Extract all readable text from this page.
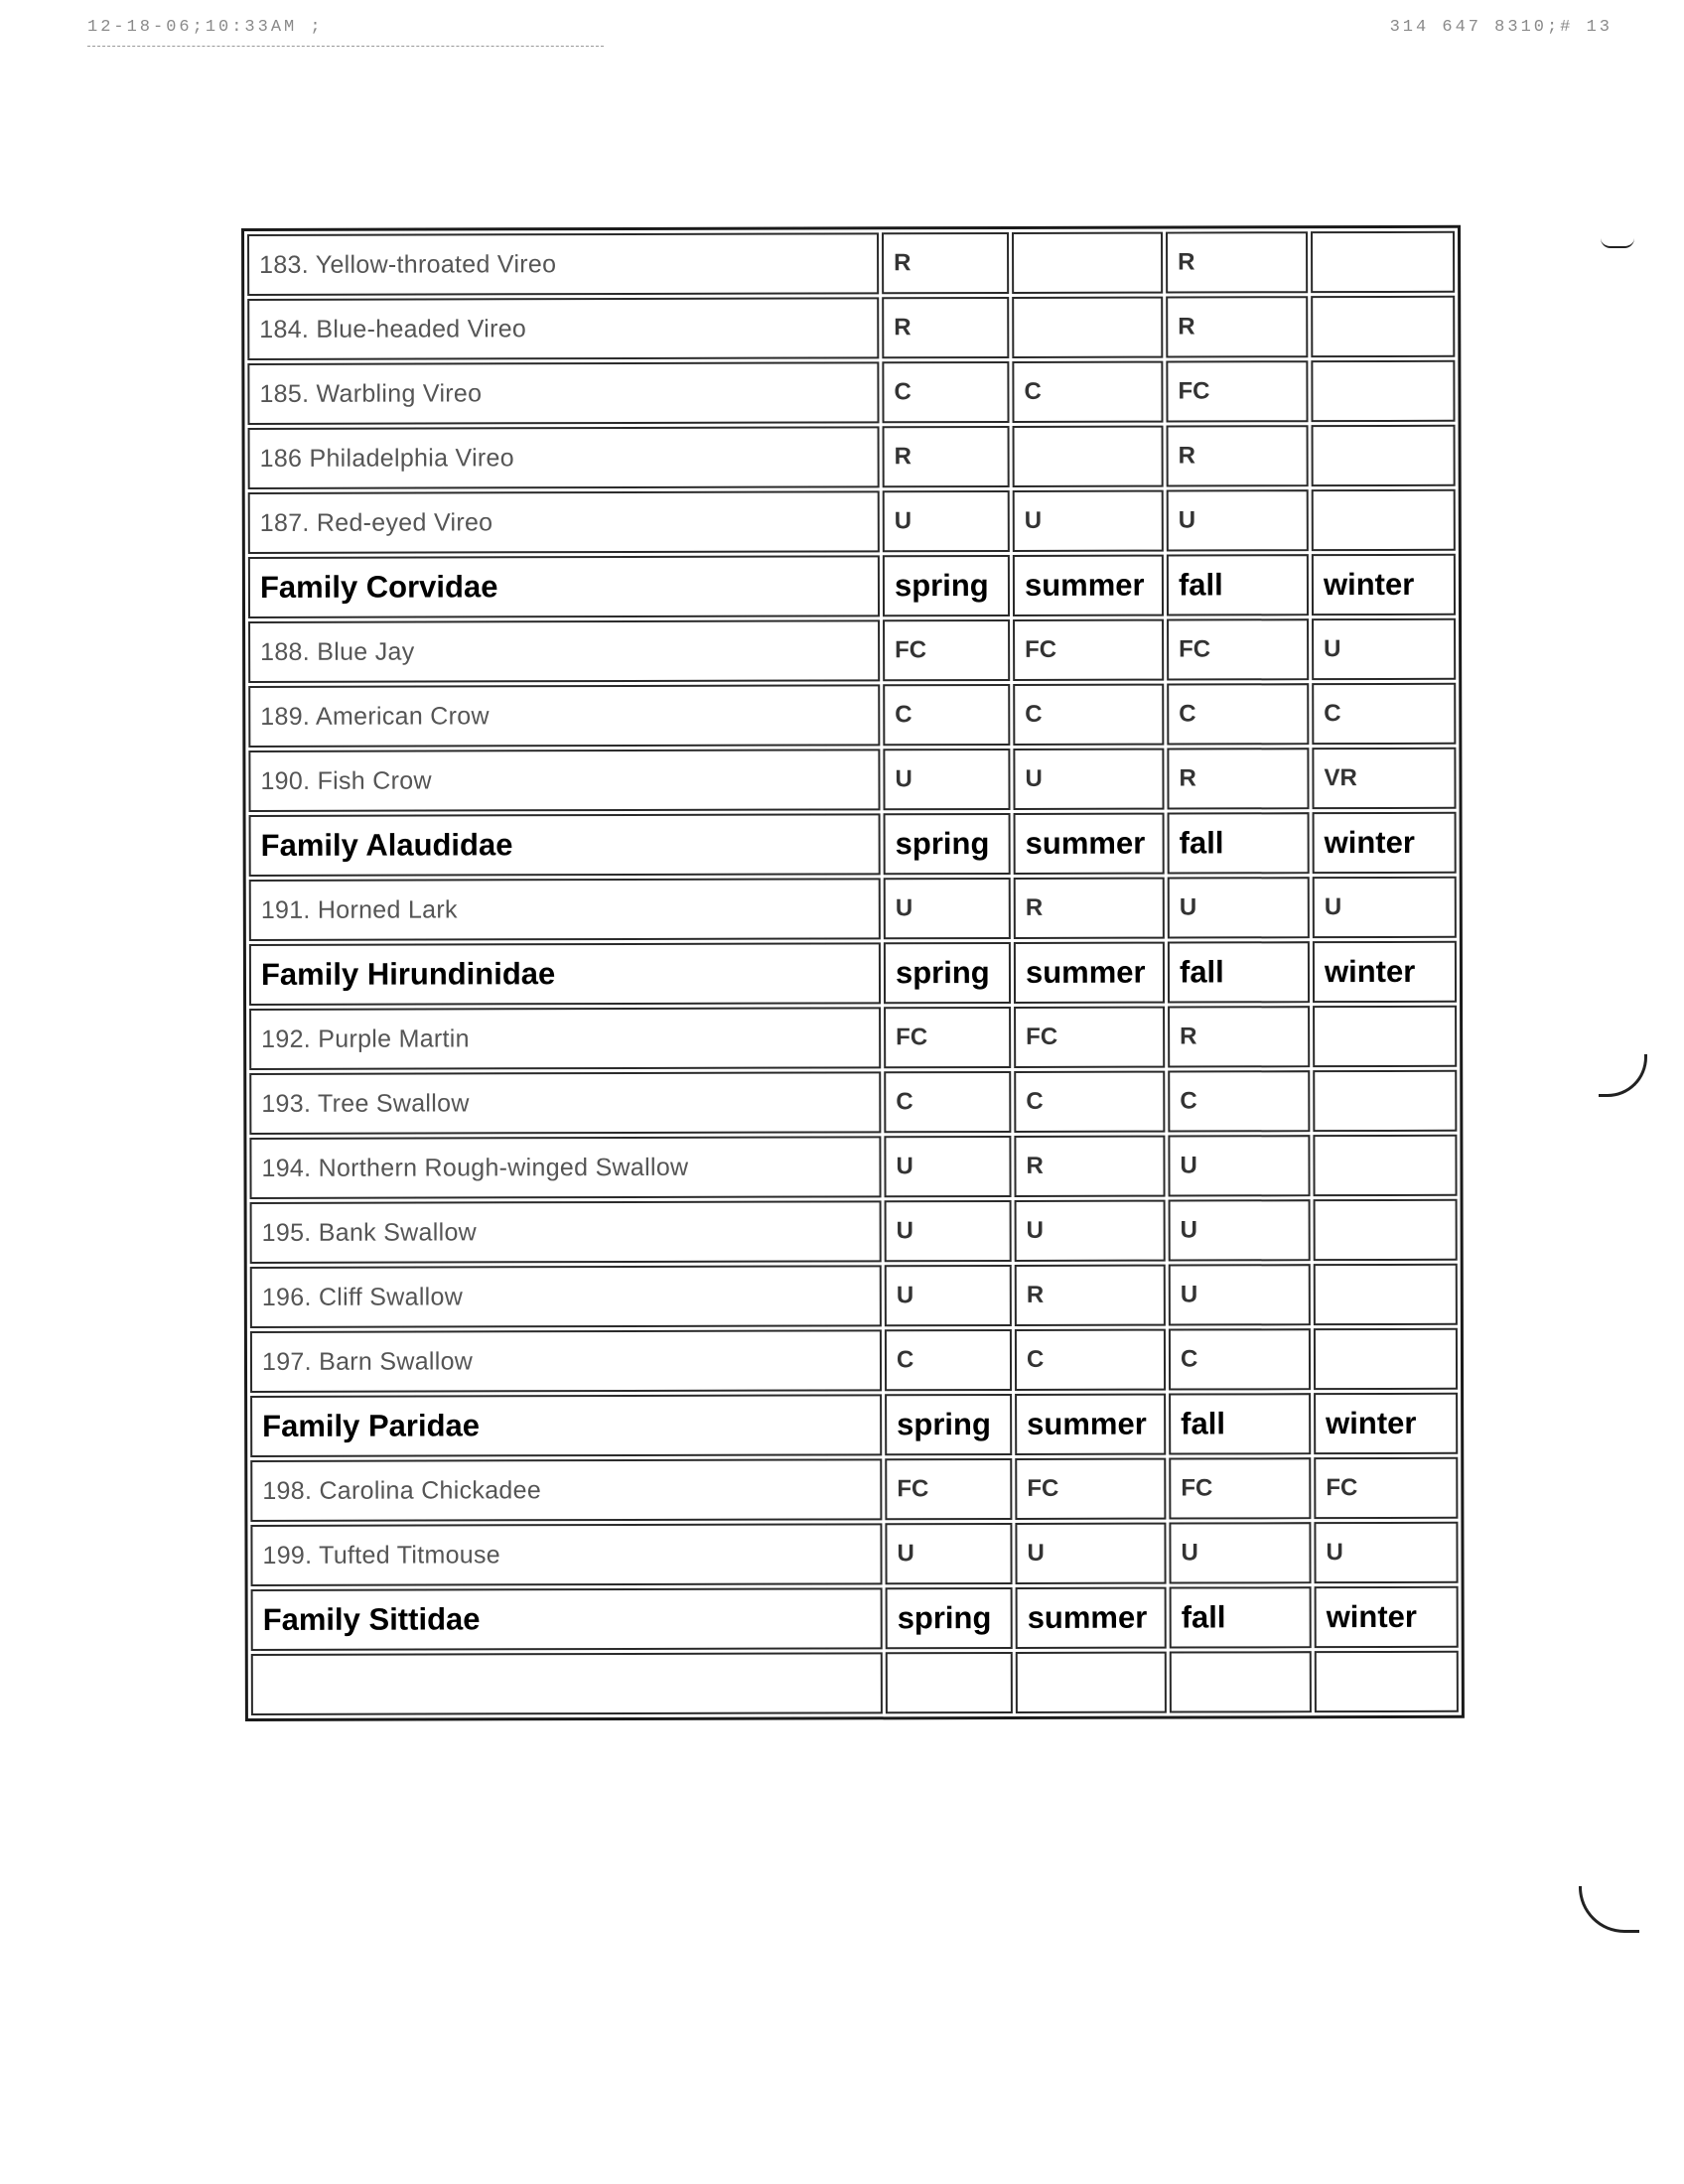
12-18-06;10:33AM ;	314 647 8310;# 13
183. Yellow-throated Vireo	R		R	
184. Blue-headed Vireo	R		R	
185. Warbling Vireo	C	C	FC	
186 Philadelphia Vireo	R		R	
187. Red-eyed Vireo	U	U	U	
Family Corvidae	spring	summer	fall	winter
188. Blue Jay	FC	FC	FC	U
189. American Crow	C	C	C	C
190. Fish Crow	U	U	R	VR
Family Alaudidae	spring	summer	fall	winter
191. Horned Lark	U	R	U	U
Family Hirundinidae	spring	summer	fall	winter
192. Purple Martin	FC	FC	R	
193. Tree Swallow	C	C	C	
194. Northern Rough-winged Swallow	U	R	U	
195. Bank Swallow	U	U	U	
196. Cliff Swallow	U	R	U	
197. Barn Swallow	C	C	C	
Family Paridae	spring	summer	fall	winter
198. Carolina Chickadee	FC	FC	FC	FC
199. Tufted Titmouse	U	U	U	U
Family Sittidae	spring	summer	fall	winter
